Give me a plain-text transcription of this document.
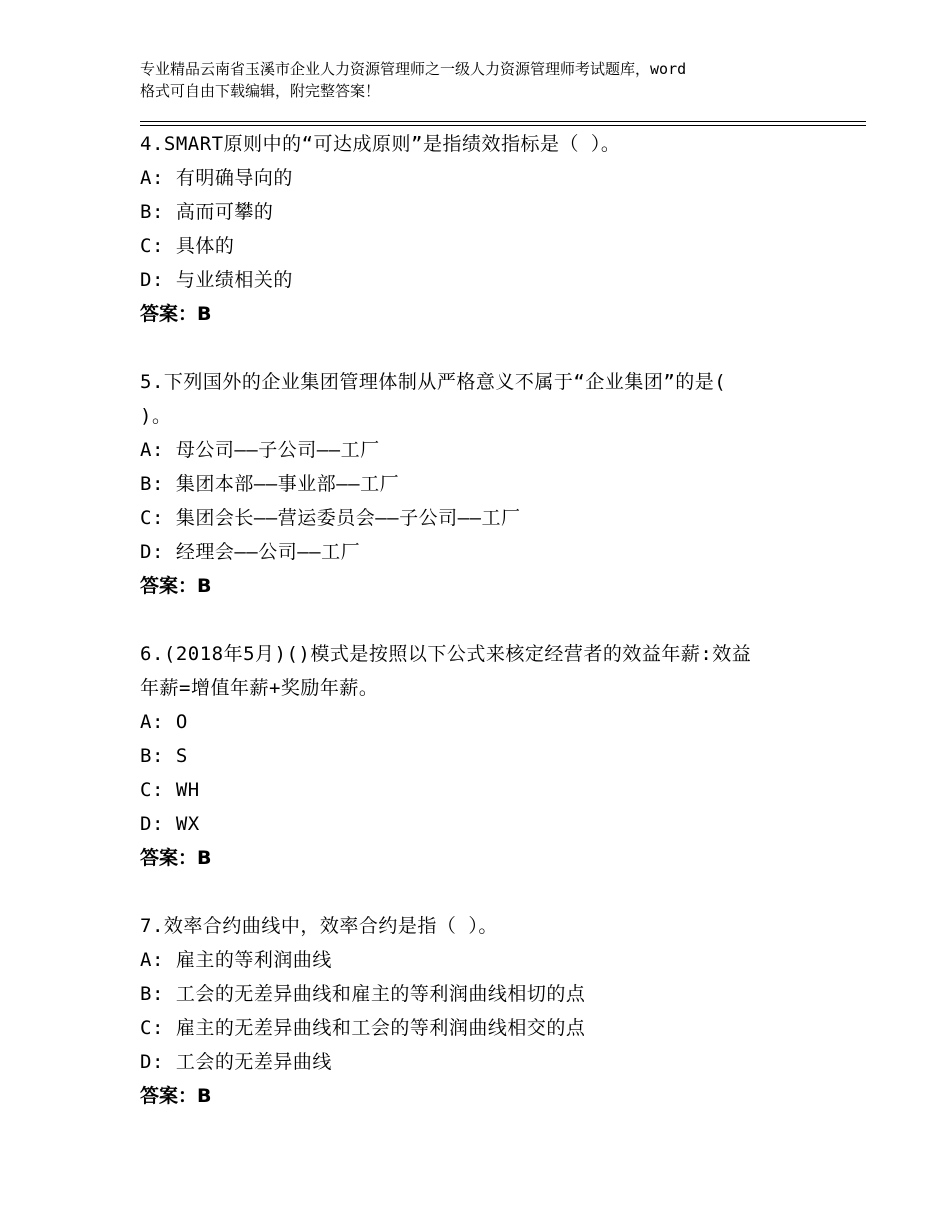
专业精品云南省玉溪市企业人力资源管理师之一级人力资源管理师考试题库，word
格式可自由下载编辑，附完整答案！
4.SMART原则中的“可达成原则”是指绩效指标是（ ）。
A: 有明确导向的
B: 高而可攀的
C: 具体的
D: 与业绩相关的
答案：B
5.下列国外的企业集团管理体制从严格意义不属于“企业集团”的是(
)。
A: 母公司——子公司——工厂
B: 集团本部——事业部——工厂
C: 集团会长——营运委员会——子公司——工厂
D: 经理会——公司——工厂
答案：B
6.(2018年5月)()模式是按照以下公式来核定经营者的效益年薪:效益
年薪=增值年薪+奖励年薪。
A: O
B: S
C: WH
D: WX
答案：B
7.效率合约曲线中，效率合约是指（ ）。
A: 雇主的等利润曲线
B: 工会的无差异曲线和雇主的等利润曲线相切的点
C: 雇主的无差异曲线和工会的等利润曲线相交的点
D: 工会的无差异曲线
答案：B
